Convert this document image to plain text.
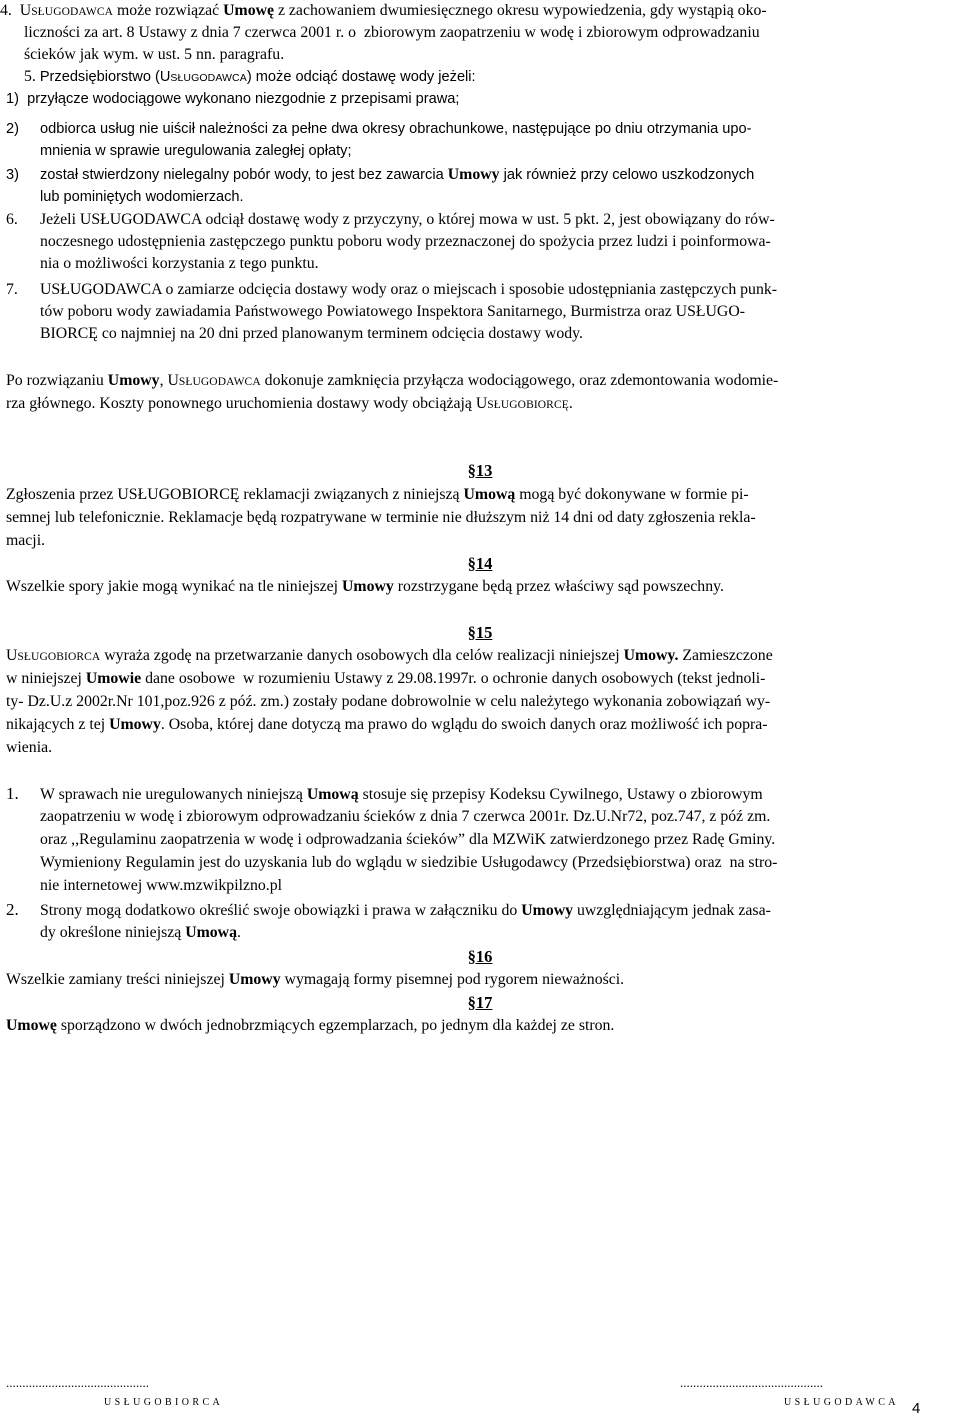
4. USŁUGODAWCA może rozwiązać Umowę z zachowaniem dwumiesięcznego okresu wypowiedzenia, gdy wystąpią oko-
liczności za art. 8 Ustawy z dnia 7 czerwca 2001 r. o  zbiorowym zaopatrzeniu w wodę i zbiorowym odprowadzaniu
ścieków jak wym. w ust. 5 nn. paragrafu.
5. Przedsiębiorstwo (USŁUGODAWCA) może odciąć dostawę wody jeżeli:
1)  przyłącze wodociągowe wykonano niezgodnie z przepisami prawa;
2) odbiorca usług nie uiścił należności za pełne dwa okresy obrachunkowe, następujące po dniu otrzymania upo-
mnienia w sprawie uregulowania zaległej opłaty;
3) został stwierdzony nielegalny pobór wody, to jest bez zawarcia Umowy jak również przy celowo uszkodzonych
lub pominiętych wodomierzach.
6. Jeżeli USŁUGODAWCA odciął dostawę wody z przyczyny, o której mowa w ust. 5 pkt. 2, jest obowiązany do rów-
noczesnego udostępnienia zastępczego punktu poboru wody przeznaczonej do spożycia przez ludzi i poinformowa-
nia o możliwości korzystania z tego punktu.
7. USŁUGODAWCA o zamiarze odcięcia dostawy wody oraz o miejscach i sposobie udostępniania zastępczych punk-
tów poboru wody zawiadamia Państwowego Powiatowego Inspektora Sanitarnego, Burmistrza oraz USŁUGO-
BIORCĘ co najmniej na 20 dni przed planowanym terminem odcięcia dostawy wody.
Po rozwiązaniu Umowy, USŁUGODAWCA dokonuje zamknięcia przyłącza wodociągowego, oraz zdemontowania wodomie-
rza głównego. Koszty ponownego uruchomienia dostawy wody obciążają USŁUGOBIORCĘ.
§13
Zgłoszenia przez USŁUGOBIORCĘ reklamacji związanych z niniejszą Umową mogą być dokonywane w formie pi-
semnej lub telefonicznie. Reklamacje będą rozpatrywane w terminie nie dłuższym niż 14 dni od daty zgłoszenia rekla-
macji.
§14
Wszelkie spory jakie mogą wynikać na tle niniejszej Umowy rozstrzygane będą przez właściwy sąd powszechny.
§15
USŁUGOBIORCA wyraża zgodę na przetwarzanie danych osobowych dla celów realizacji niniejszej Umowy. Zamieszczone
w niniejszej Umowie dane osobowe  w rozumieniu Ustawy z 29.08.1997r. o ochronie danych osobowych (tekst jednoli-
ty- Dz.U.z 2002r.Nr 101,poz.926 z póź. zm.) zostały podane dobrowolnie w celu należytego wykonania zobowiązań wy-
nikających z tej Umowy. Osoba, której dane dotyczą ma prawo do wglądu do swoich danych oraz możliwość ich popra-
wienia.
1. W sprawach nie uregulowanych niniejszą Umową stosuje się przepisy Kodeksu Cywilnego, Ustawy o zbiorowym
zaopatrzeniu w wodę i zbiorowym odprowadzaniu ścieków z dnia 7 czerwca 2001r. Dz.U.Nr72, poz.747, z póź zm.
oraz ,,Regulaminu zaopatrzenia w wodę i odprowadzania ścieków” dla MZWiK zatwierdzonego przez Radę Gminy.
Wymieniony Regulamin jest do uzyskania lub do wglądu w siedzibie Usługodawcy (Przedsiębiorstwa) oraz  na stro-
nie internetowej www.mzwikpilzno.pl
2. Strony mogą dodatkowo określić swoje obowiązki i prawa w załączniku do Umowy uwzględniającym jednak zasa-
dy określone niniejszą Umową.
§16
Wszelkie zamiany treści niniejszej Umowy wymagają formy pisemnej pod rygorem nieważności.
§17
Umowę sporządzono w dwóch jednobrzmiących egzemplarzach, po jednym dla każdej ze stron.
............................................
USŁUGOBIORCA
............................................
USŁUGODAWCA 4
